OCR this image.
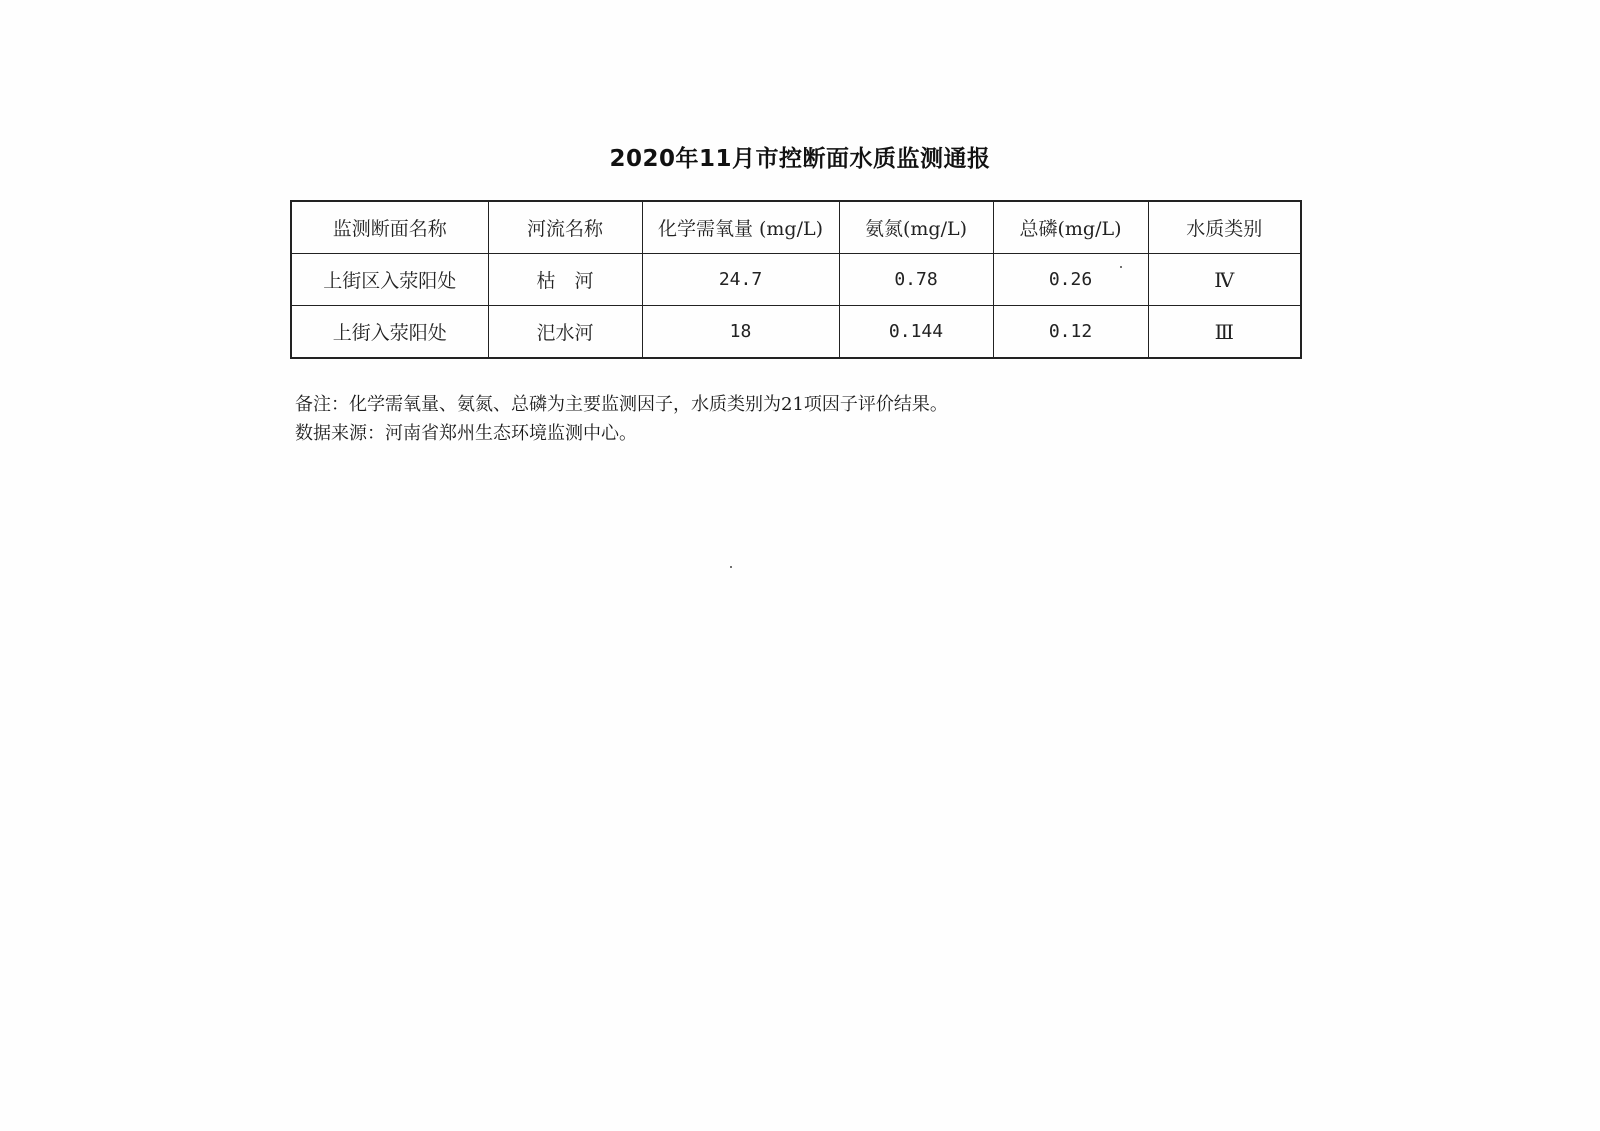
2020年11月市控断面水质监测通报
监测断面名称	河流名称	化学需氧量 (mg/L)	氨氮(mg/L)	总磷(mg/L)	水质类别
上街区入荥阳处	枯　河	24.7	0.78	0.26	Ⅳ
上街入荥阳处	汜水河	18	0.144	0.12	Ⅲ
备注：化学需氧量、氨氮、总磷为主要监测因子，水质类别为21项因子评价结果。
数据来源：河南省郑州生态环境监测中心。
